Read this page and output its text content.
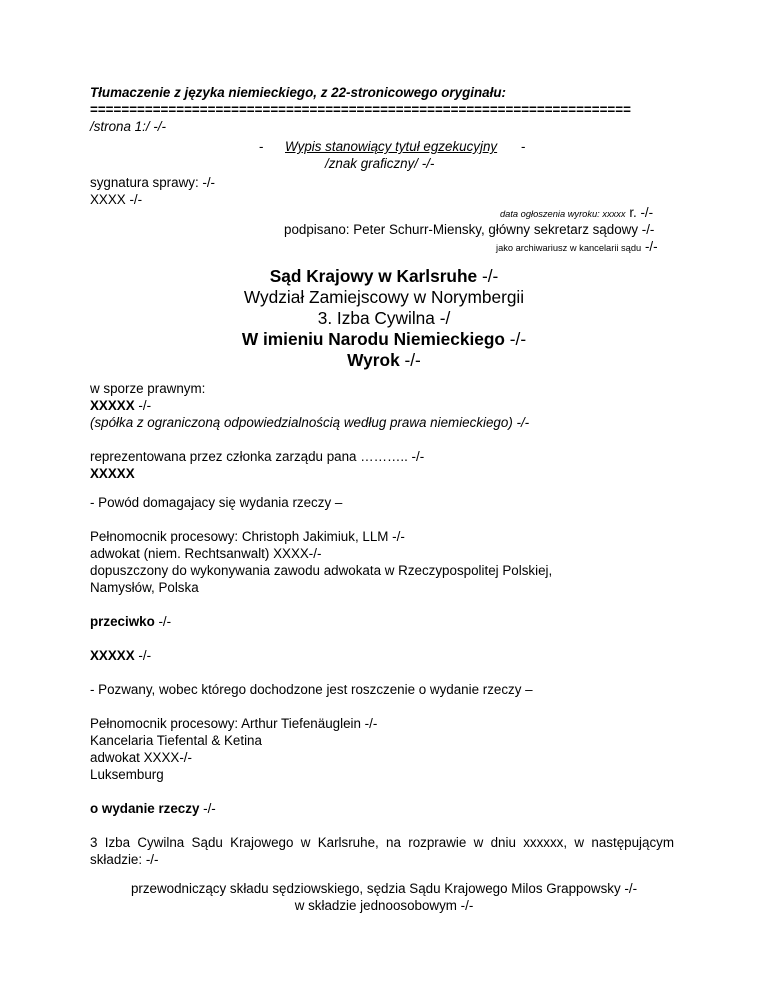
Tłumaczenie z języka niemieckiego, z 22-stronicowego oryginału:
=====================================================================
/strona 1:/ -/-
- Wypis stanowiący tytuł egzekucyjny -
/znak graficzny/ -/-
sygnatura sprawy: -/-
XXXX -/-
data ogłoszenia wyroku: xxxxx r. -/-
podpisano: Peter Schurr-Miensky, główny sekretarz sądowy -/-
jako archiwariusz w kancelarii sądu -/-
Sąd Krajowy w Karlsruhe -/-
Wydział Zamiejscowy w Norymbergii
3. Izba Cywilna -/
W imieniu Narodu Niemieckiego -/-
Wyrok -/-
w sporze prawnym:
XXXXX -/-
(spółka z ograniczoną odpowiedzialnością według prawa niemieckiego) -/-
reprezentowana przez członka zarządu pana ……….. -/-
XXXXX
- Powód domagajacy się wydania rzeczy –
Pełnomocnik procesowy: Christoph Jakimiuk, LLM -/-
adwokat (niem. Rechtsanwalt) XXXX-/-
dopuszczony do wykonywania zawodu adwokata w Rzeczypospolitej Polskiej,
Namysłów, Polska
przeciwko -/-
XXXXX -/-
- Pozwany, wobec którego dochodzone jest roszczenie o wydanie rzeczy –
Pełnomocnik procesowy: Arthur Tiefenäuglein -/-
Kancelaria Tiefental & Ketina
adwokat XXXX-/-
Luksemburg
o wydanie rzeczy -/-
3 Izba Cywilna Sądu Krajowego w Karlsruhe, na rozprawie w dniu xxxxxx, w następującym
składzie: -/-
przewodniczący składu sędziowskiego, sędzia Sądu Krajowego Milos Grappowsky -/-
w składzie jednoosobowym -/-
